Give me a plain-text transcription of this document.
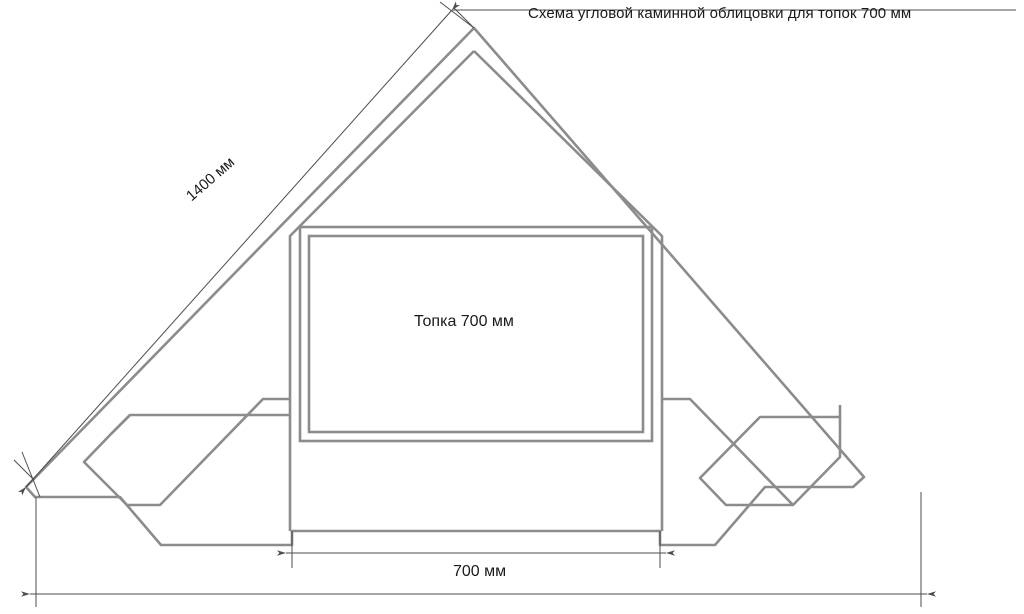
Схема угловой каминной облицовки для топок 700 мм
1400 мм
Топка 700 мм
700 мм
